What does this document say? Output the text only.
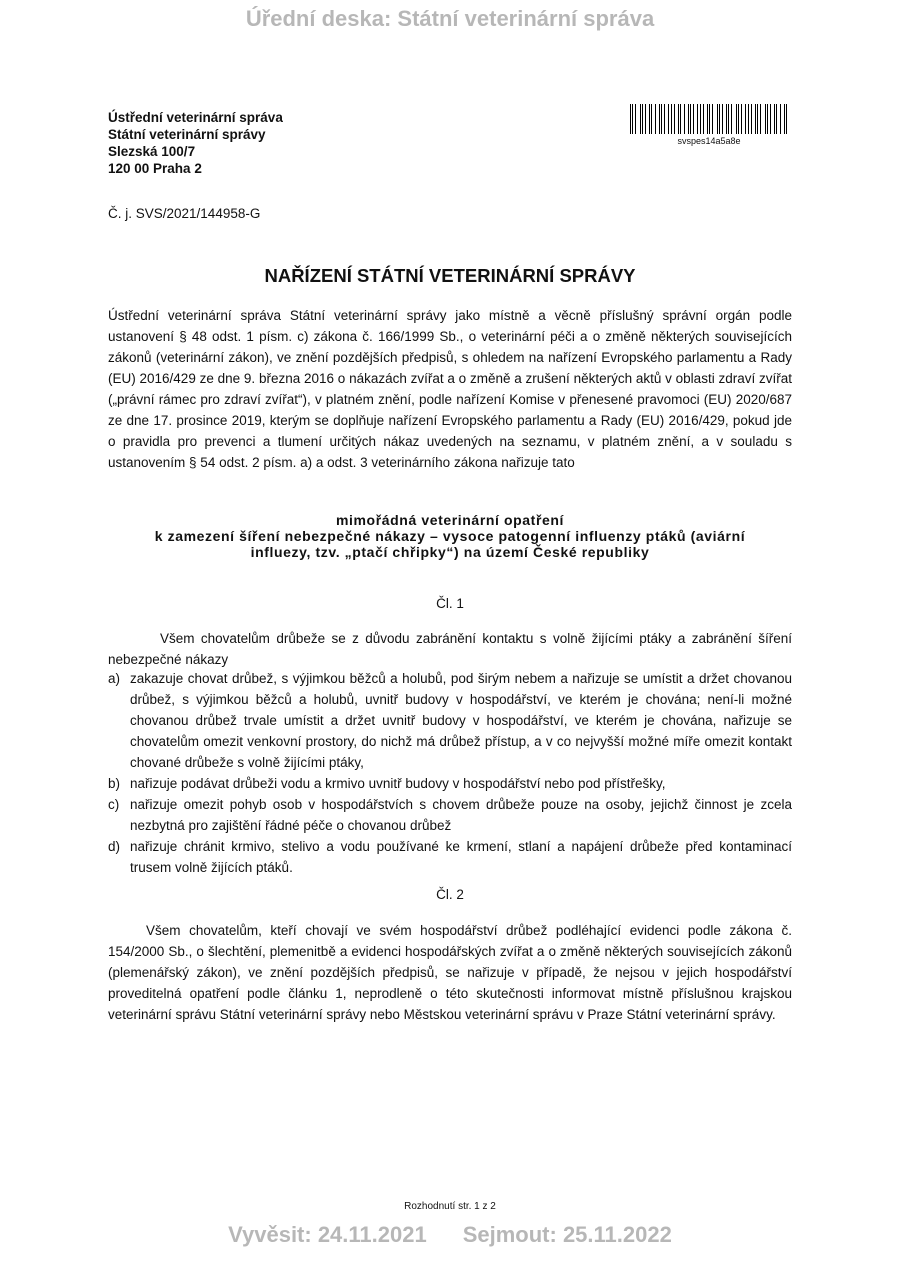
Úřední deska: Státní veterinární správa
Ústřední veterinární správa
Státní veterinární správy
Slezská 100/7
120 00 Praha 2
svspes14a5a8e
Č. j. SVS/2021/144958-G
NAŘÍZENÍ STÁTNÍ VETERINÁRNÍ SPRÁVY
Ústřední veterinární správa Státní veterinární správy jako místně a věcně příslušný správní orgán podle ustanovení § 48 odst. 1 písm. c) zákona č. 166/1999 Sb., o veterinární péči a o změně některých souvisejících zákonů (veterinární zákon), ve znění pozdějších předpisů, s ohledem na nařízení Evropského parlamentu a Rady (EU) 2016/429 ze dne 9. března 2016 o nákazách zvířat a o změně a zrušení některých aktů v oblasti zdraví zvířat („právní rámec pro zdraví zvířat“), v platném znění, podle nařízení Komise v přenesené pravomoci (EU) 2020/687 ze dne 17. prosince 2019, kterým se doplňuje nařízení Evropského parlamentu a Rady (EU) 2016/429, pokud jde o pravidla pro prevenci a tlumení určitých nákaz uvedených na seznamu, v platném znění, a v souladu s ustanovením § 54 odst. 2 písm. a) a odst. 3 veterinárního zákona nařizuje tato
mimořádná veterinární opatření
k zamezení šíření nebezpečné nákazy – vysoce patogenní influenzy ptáků (aviární
influezy, tzv. „ptačí chřipky“) na území České republiky
Čl. 1
Všem chovatelům drůbeže se z důvodu zabránění kontaktu s volně žijícími ptáky a zabránění šíření nebezpečné nákazy
a) zakazuje chovat drůbež, s výjimkou běžců a holubů, pod širým nebem a nařizuje se umístit a držet chovanou drůbež, s výjimkou běžců a holubů, uvnitř budovy v hospodářství, ve kterém je chována; není-li možné chovanou drůbež trvale umístit a držet uvnitř budovy v hospodářství, ve kterém je chována, nařizuje se chovatelům omezit venkovní prostory, do nichž má drůbež přístup, a v co nejvyšší možné míře omezit kontakt chované drůbeže s volně žijícími ptáky,
b) nařizuje podávat drůbeži vodu a krmivo uvnitř budovy v hospodářství nebo pod přístřešky,
c) nařizuje omezit pohyb osob v hospodářstvích s chovem drůbeže pouze na osoby, jejichž činnost je zcela nezbytná pro zajištění řádné péče o chovanou drůbež
d) nařizuje chránit krmivo, stelivo a vodu používané ke krmení, stlaní a napájení drůbeže před kontaminací trusem volně žijících ptáků.
Čl. 2
Všem chovatelům, kteří chovají ve svém hospodářství drůbež podléhající evidenci podle zákona č. 154/2000 Sb., o šlechtění, plemenitbě a evidenci hospodářských zvířat a o změně některých souvisejících zákonů (plemenářský zákon), ve znění pozdějších předpisů, se nařizuje v případě, že nejsou v jejich hospodářství proveditelná opatření podle článku 1, neprodleně o této skutečnosti informovat místně příslušnou krajskou veterinární správu Státní veterinární správy nebo Městskou veterinární správu v Praze Státní veterinární správy.
Rozhodnutí str. 1 z 2
Vyvěsit: 24.11.2021 Sejmout: 25.11.2022
